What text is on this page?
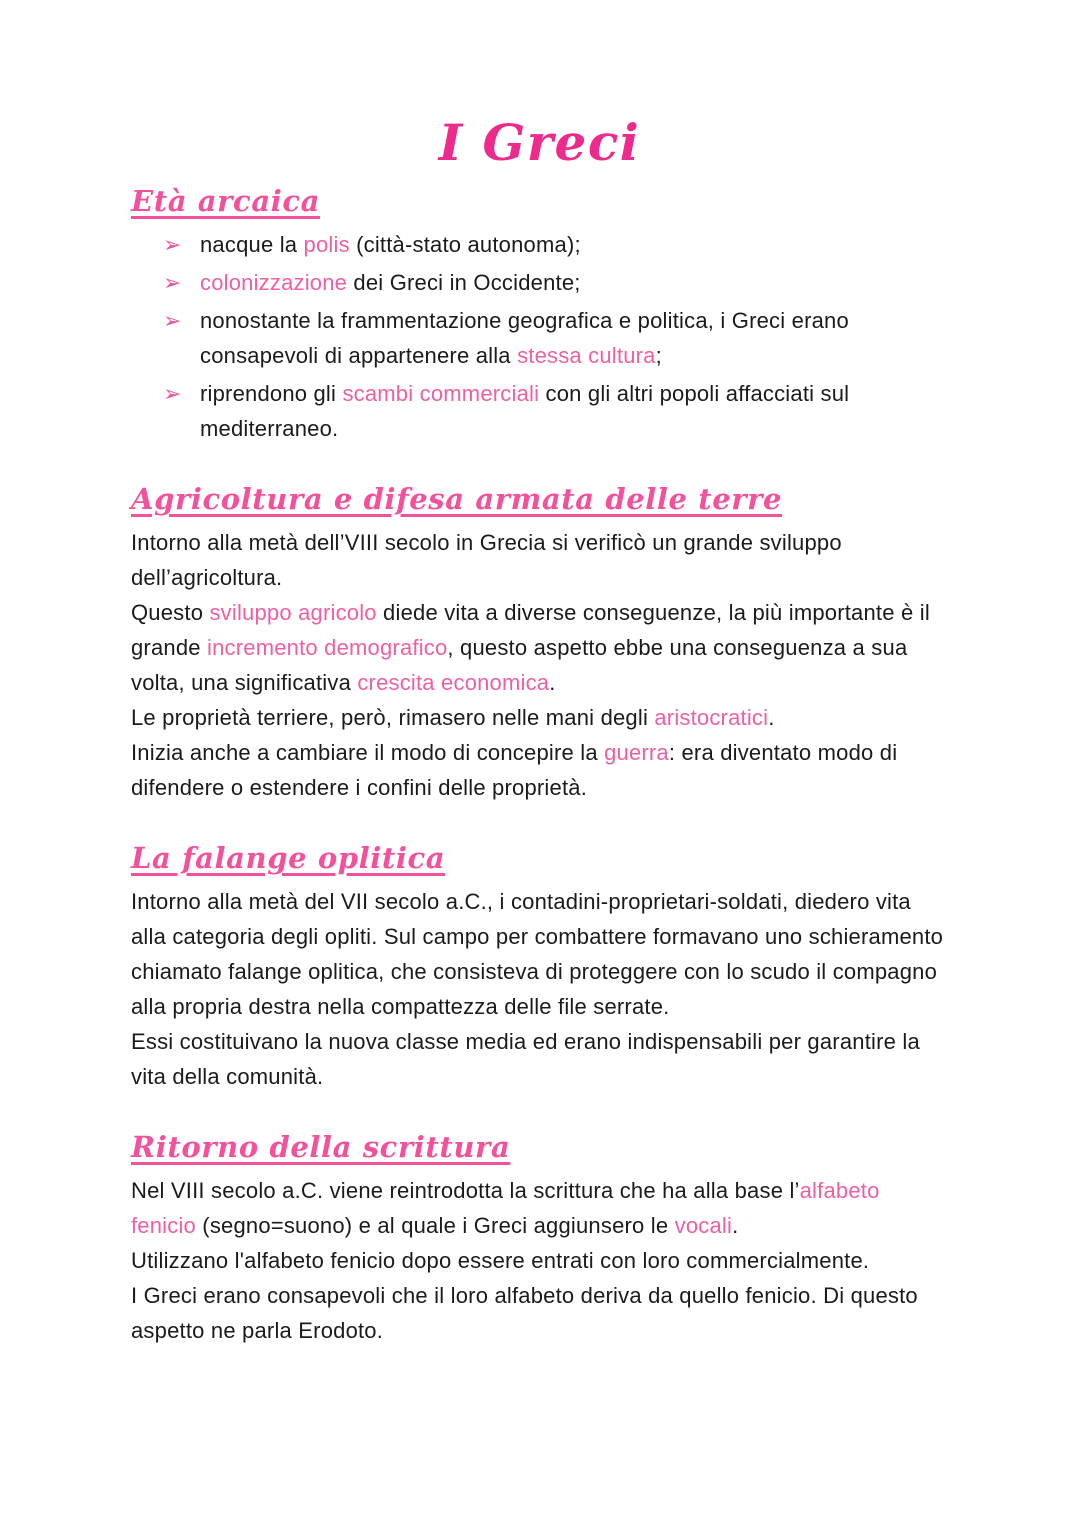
I Greci
Età arcaica
➢ nacque la polis (città-stato autonoma);
➢ colonizzazione dei Greci in Occidente;
➢ nonostante la frammentazione geografica e politica, i Greci erano consapevoli di appartenere alla stessa cultura;
➢ riprendono gli scambi commerciali con gli altri popoli affacciati sul mediterraneo.
Agricoltura e difesa armata delle terre

Intorno alla metà dell’VIII secolo in Grecia si verificò un grande sviluppo dell’agricoltura.

Questo sviluppo agricolo diede vita a diverse conseguenze, la più importante è il grande incremento demografico, questo aspetto ebbe una conseguenza a sua volta, una significativa crescita economica.

Le proprietà terriere, però, rimasero nelle mani degli aristocratici.

Inizia anche a cambiare il modo di concepire la guerra: era diventato modo di difendere o estendere i confini delle proprietà.

La falange oplitica

Intorno alla metà del VII secolo a.C., i contadini-proprietari-soldati, diedero vita alla categoria degli opliti. Sul campo per combattere formavano uno schieramento chiamato falange oplitica, che consisteva di proteggere con lo scudo il compagno alla propria destra nella compattezza delle file serrate.

Essi costituivano la nuova classe media ed erano indispensabili per garantire la vita della comunità.

Ritorno della scrittura

Nel VIII secolo a.C. viene reintrodotta la scrittura che ha alla base l’alfabeto fenicio (segno=suono) e al quale i Greci aggiunsero le vocali.

Utilizzano l'alfabeto fenicio dopo essere entrati con loro commercialmente.

I Greci erano consapevoli che il loro alfabeto deriva da quello fenicio. Di questo aspetto ne parla Erodoto.
